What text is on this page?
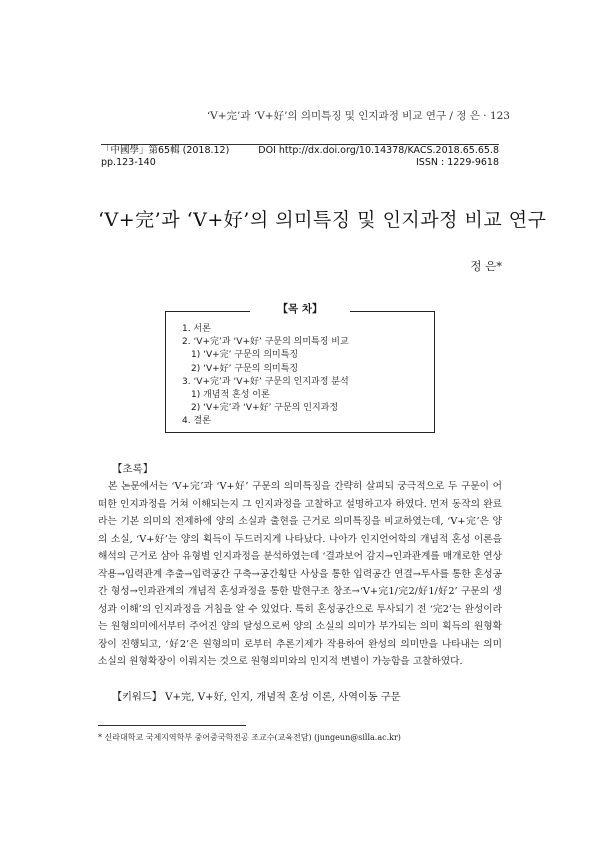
‘V+完’과 ‘V+好’의 의미특징 및 인지과정 비교 연구 / 정 은 · 123
「中國學」第65輯 (2018.12)
pp.123-140
DOI http://dx.doi.org/10.14378/KACS.2018.65.65.8
ISSN : 1229-9618
‘V+完’과 ‘V+好’의 의미특징 및 인지과정 비교 연구
정 은*
1. 서론
2. ‘V+完’과 ‘V+好’ 구문의 의미특징 비교
1) ‘V+完’ 구문의 의미특징
2) ‘V+好’ 구문의 의미특징
3. ‘V+完’과 ‘V+好’ 구문의 인지과정 분석
1) 개념적 혼성 이론
2) ‘V+完’과 ‘V+好’ 구문의 인지과정
4. 결론
【목 차】
【초록】
본 논문에서는 ‘V+完’과 ‘V+好’ 구문의 의미특징을 간략히 살피되 궁극적으로 두 구문이 어떠한 인지과정을 거쳐 이해되는지 그 인지과정을 고찰하고 설명하고자 하였다. 먼저 동작의 완료라는 기본 의미의 전제하에 양의 소실과 출현을 근거로 의미특징을 비교하였는데, ‘V+完’은 양의 소실, ‘V+好’는 양의 획득이 두드러지게 나타났다. 나아가 인지언어학의 개념적 혼성 이론을 해석의 근거로 삼아 유형별 인지과정을 분석하였는데 ‘결과보어 감지→인과관계를 매개로한 연상 작용→입력관계 추출→입력공간 구축→공간횡단 사상을 통한 입력공간 연결→투사를 통한 혼성공간 형성→인과관계의 개념적 혼성과정을 통한 발현구조 창조→‘V+完1/完2/好1/好2’ 구문의 생성과 이해’의 인지과정을 거침을 알 수 있었다. 특히 혼성공간으로 투사되기 전 ‘完2’는 완성이라는 원형의미에서부터 주어진 양의 달성으로써 양의 소실의 의미가 부가되는 의미 획득의 원형확장이 진행되고, ‘好2’은 원형의미 로부터 추론기제가 작용하여 완성의 의미만을 나타내는 의미 소실의 원형확장이 이뤄지는 것으로 원형의미와의 인지적 변별이 가능함을 고찰하였다.
【키워드】 V+完, V+好, 인지, 개념적 혼성 이론, 사역이동 구문
* 신라대학교 국제지역학부 중어중국학전공 조교수(교육전담) (jungeun@silla.ac.kr)
